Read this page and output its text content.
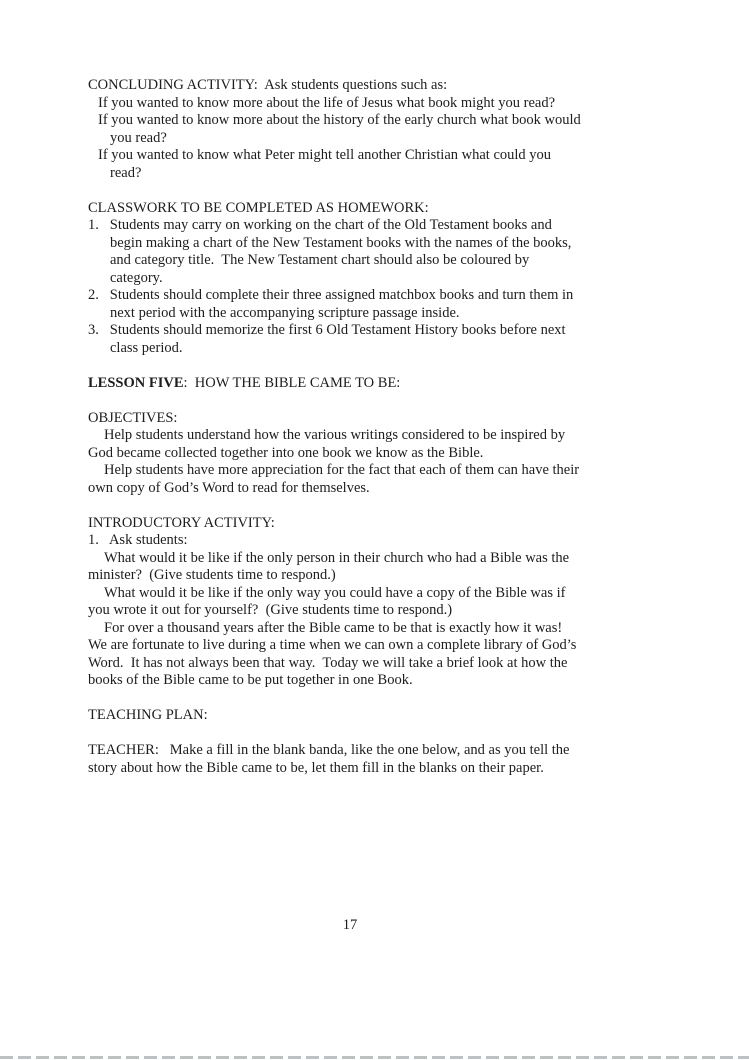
CONCLUDING ACTIVITY:  Ask students questions such as:
If you wanted to know more about the life of Jesus what book might you read?
If you wanted to know more about the history of the early church what book would
you read?
If you wanted to know what Peter might tell another Christian what could you
read?
CLASSWORK TO BE COMPLETED AS HOMEWORK:
1.   Students may carry on working on the chart of the Old Testament books and
begin making a chart of the New Testament books with the names of the books,
and category title.  The New Testament chart should also be coloured by
category.
2.   Students should complete their three assigned matchbox books and turn them in
next period with the accompanying scripture passage inside.
3.   Students should memorize the first 6 Old Testament History books before next
class period.
LESSON FIVE:  HOW THE BIBLE CAME TO BE:
OBJECTIVES:
Help students understand how the various writings considered to be inspired by
God became collected together into one book we know as the Bible.
Help students have more appreciation for the fact that each of them can have their
own copy of God’s Word to read for themselves.
INTRODUCTORY ACTIVITY:
1.   Ask students:
What would it be like if the only person in their church who had a Bible was the
minister?  (Give students time to respond.)
What would it be like if the only way you could have a copy of the Bible was if
you wrote it out for yourself?  (Give students time to respond.)
For over a thousand years after the Bible came to be that is exactly how it was!
We are fortunate to live during a time when we can own a complete library of God’s
Word.  It has not always been that way.  Today we will take a brief look at how the
books of the Bible came to be put together in one Book.
TEACHING PLAN:
TEACHER:   Make a fill in the blank banda, like the one below, and as you tell the
story about how the Bible came to be, let them fill in the blanks on their paper.
17
